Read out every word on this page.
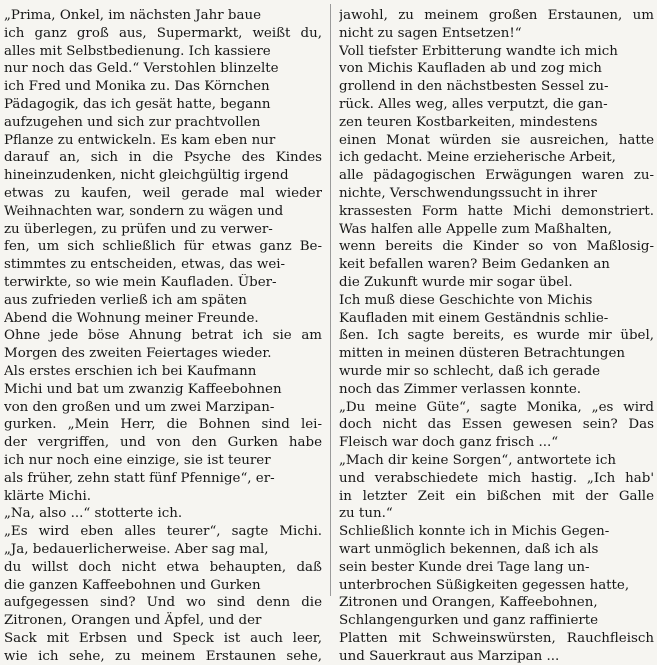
„Prima, Onkel, im nächsten Jahr baue
ich ganz groß aus, Supermarkt, weißt du,
alles mit Selbstbedienung. Ich kassiere
nur noch das Geld.“ Verstohlen blinzelte
ich Fred und Monika zu. Das Körnchen
Pädagogik, das ich gesät hatte, begann
aufzugehen und sich zur prachtvollen
Pflanze zu entwickeln. Es kam eben nur
darauf an, sich in die Psyche des Kindes
hineinzudenken, nicht gleichgültig irgend
etwas zu kaufen, weil gerade mal wieder
Weihnachten war, sondern zu wägen und
zu überlegen, zu prüfen und zu verwer-
fen, um sich schließlich für etwas ganz Be-
stimmtes zu entscheiden, etwas, das wei-
terwirkte, so wie mein Kaufladen. Über-
aus zufrieden verließ ich am späten
Abend die Wohnung meiner Freunde.
Ohne jede böse Ahnung betrat ich sie am
Morgen des zweiten Feiertages wieder.
Als erstes erschien ich bei Kaufmann
Michi und bat um zwanzig Kaffeebohnen
von den großen und um zwei Marzipan-
gurken. „Mein Herr, die Bohnen sind lei-
der vergriffen, und von den Gurken habe
ich nur noch eine einzige, sie ist teurer
als früher, zehn statt fünf Pfennige“, er-
klärte Michi.
„Na, also ...“ stotterte ich.
„Es wird eben alles teurer“, sagte Michi.
„Ja, bedauerlicherweise. Aber sag mal,
du willst doch nicht etwa behaupten, daß
die ganzen Kaffeebohnen und Gurken
aufgegessen sind? Und wo sind denn die
Zitronen, Orangen und Äpfel, und der
Sack mit Erbsen und Speck ist auch leer,
wie ich sehe, zu meinem Erstaunen sehe,
jawohl, zu meinem großen Erstaunen, um
nicht zu sagen Entsetzen!“
Voll tiefster Erbitterung wandte ich mich
von Michis Kaufladen ab und zog mich
grollend in den nächstbesten Sessel zu-
rück. Alles weg, alles verputzt, die gan-
zen teuren Kostbarkeiten, mindestens
einen Monat würden sie ausreichen, hatte
ich gedacht. Meine erzieherische Arbeit,
alle pädagogischen Erwägungen waren zu-
nichte, Verschwendungssucht in ihrer
krassesten Form hatte Michi demonstriert.
Was halfen alle Appelle zum Maßhalten,
wenn bereits die Kinder so von Maßlosig-
keit befallen waren? Beim Gedanken an
die Zukunft wurde mir sogar übel.
Ich muß diese Geschichte von Michis
Kaufladen mit einem Geständnis schlie-
ßen. Ich sagte bereits, es wurde mir übel,
mitten in meinen düsteren Betrachtungen
wurde mir so schlecht, daß ich gerade
noch das Zimmer verlassen konnte.
„Du meine Güte“, sagte Monika, „es wird
doch nicht das Essen gewesen sein? Das
Fleisch war doch ganz frisch ...“
„Mach dir keine Sorgen“, antwortete ich
und verabschiedete mich hastig. „Ich hab'
in letzter Zeit ein bißchen mit der Galle
zu tun.“
Schließlich konnte ich in Michis Gegen-
wart unmöglich bekennen, daß ich als
sein bester Kunde drei Tage lang un-
unterbrochen Süßigkeiten gegessen hatte,
Zitronen und Orangen, Kaffeebohnen,
Schlangengurken und ganz raffinierte
Platten mit Schweinswürsten, Rauchfleisch
und Sauerkraut aus Marzipan ...
